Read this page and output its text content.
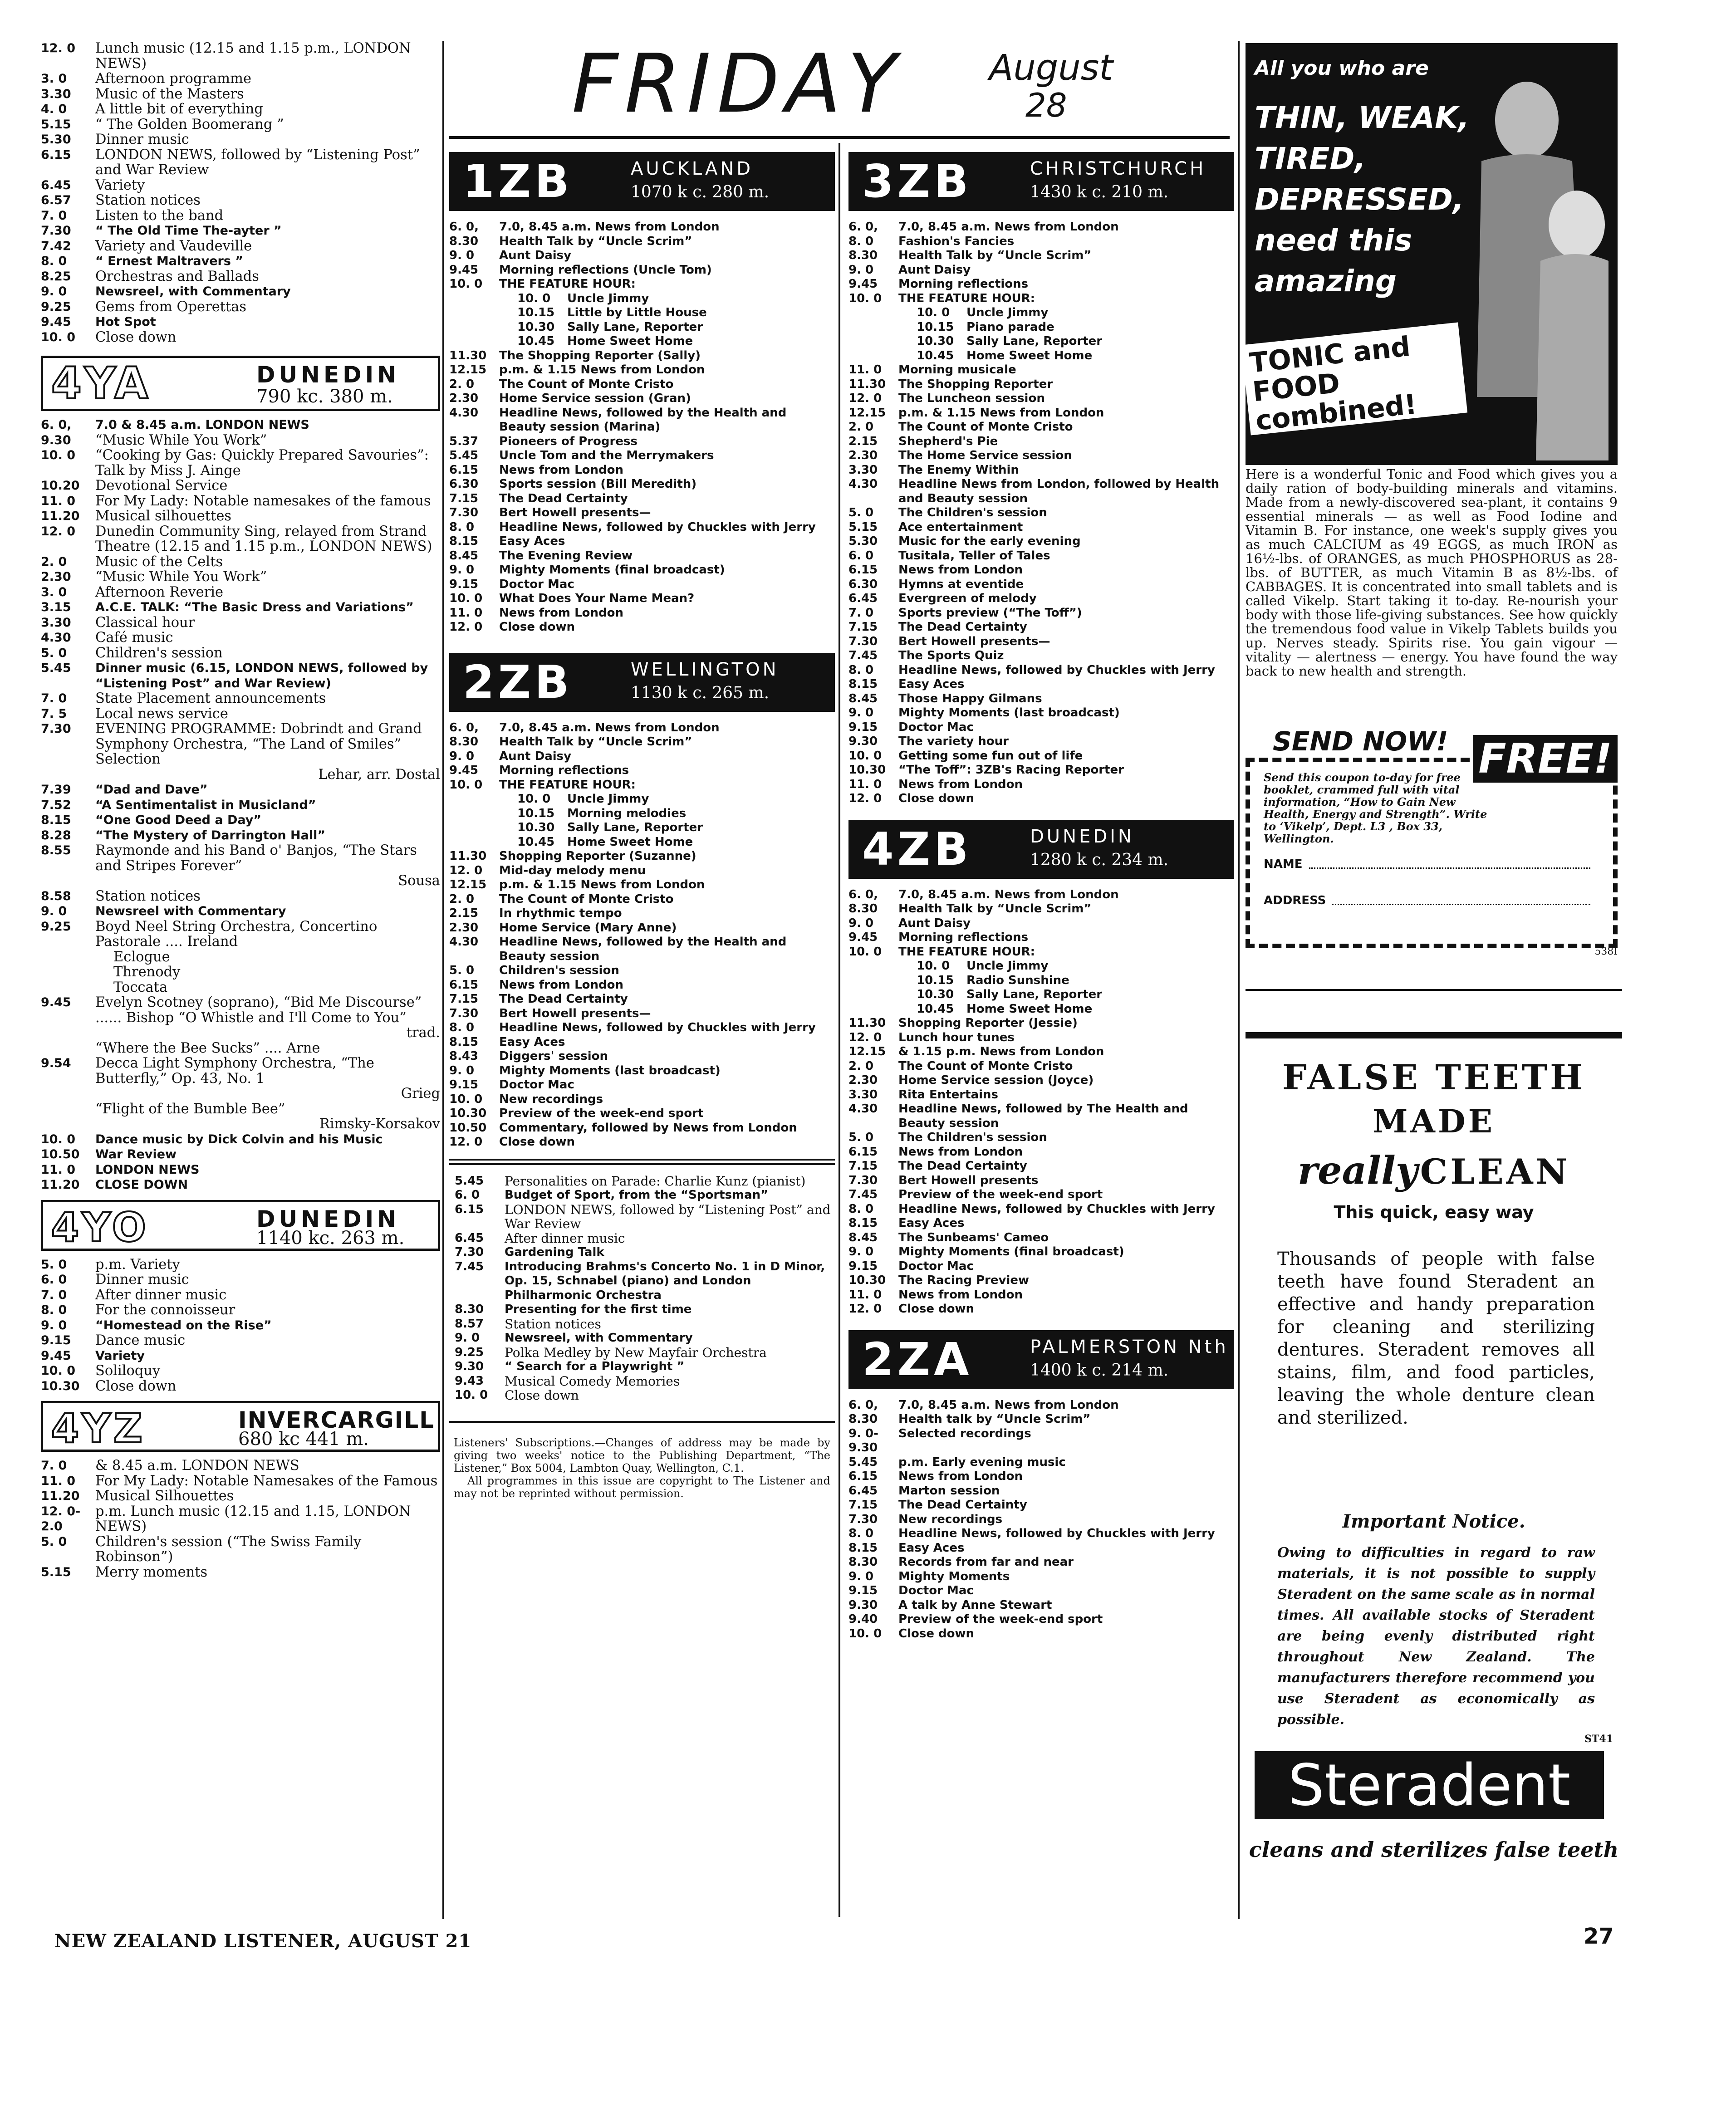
12. 0	Lunch music (12.15 and 1.15 p.m., LONDON NEWS)
3. 0	Afternoon programme
3.30	Music of the Masters
4. 0	A little bit of everything
5.15	“ The Golden Boomerang ”
5.30	Dinner music
6.15	LONDON NEWS, followed by “Listening Post” and War Review
6.45	Variety
6.57	Station notices
7. 0	Listen to the band
7.30	“ The Old Time The-ayter ”
7.42	Variety and Vaudeville
8. 0	“ Ernest Maltravers ”
8.25	Orchestras and Ballads
9. 0	Newsreel, with Commentary
9.25	Gems from Operettas
9.45	Hot Spot
10. 0	Close down
4YA	DUNEDIN
790 kc. 380 m.
6. 0,	7.0 & 8.45 a.m. LONDON NEWS
9.30	“Music While You Work”
10. 0	“Cooking by Gas: Quickly Prepared Savouries”: Talk by Miss J. Ainge
10.20	Devotional Service
11. 0	For My Lady: Notable namesakes of the famous
11.20	Musical silhouettes
12. 0	Dunedin Community Sing, relayed from Strand Theatre (12.15 and 1.15 p.m., LONDON NEWS)
2. 0	Music of the Celts
2.30	“Music While You Work”
3. 0	Afternoon Reverie
3.15	A.C.E. TALK: “The Basic Dress and Variations”
3.30	Classical hour
4.30	Café music
5. 0	Children's session
5.45	Dinner music (6.15, LONDON NEWS, followed by “Listening Post” and War Review)
7. 0	State Placement announcements
7. 5	Local news service
7.30	EVENING PROGRAMME: Dobrindt and Grand Symphony Orchestra, “The Land of Smiles” Selection
Lehar, arr. Dostal
7.39	“Dad and Dave”
7.52	“A Sentimentalist in Musicland”
8.15	“One Good Deed a Day”
8.28	“The Mystery of Darrington Hall”
8.55	Raymonde and his Band o' Banjos, “The Stars and Stripes Forever”
Sousa
8.58	Station notices
9. 0	Newsreel with Commentary
9.25	Boyd Neel String Orchestra, Concertino Pastorale .... Ireland
Eclogue
Threnody
Toccata
9.45	Evelyn Scotney (soprano), “Bid Me Discourse” ...... Bishop “O Whistle and I'll Come to You”
trad.
“Where the Bee Sucks” .... Arne
9.54	Decca Light Symphony Orchestra, “The Butterfly,” Op. 43, No. 1
Grieg
“Flight of the Bumble Bee”
Rimsky-Korsakov
10. 0	Dance music by Dick Colvin and his Music
10.50	War Review
11. 0	LONDON NEWS
11.20	CLOSE DOWN
4YO	DUNEDIN
1140 kc. 263 m.
5. 0	p.m. Variety
6. 0	Dinner music
7. 0	After dinner music
8. 0	For the connoisseur
9. 0	“Homestead on the Rise”
9.15	Dance music
9.45	Variety
10. 0	Soliloquy
10.30	Close down
4YZ	INVERCARGILL
680 kc 441 m.
7. 0	& 8.45 a.m. LONDON NEWS
11. 0	For My Lady: Notable Namesakes of the Famous
11.20	Musical Silhouettes
12. 0-2.0
p.m. Lunch music (12.15 and 1.15, LONDON NEWS)
5. 0	Children's session (“The Swiss Family Robinson”)
5.15	Merry moments
FRIDAY August
28
1ZB	AUCKLAND
1070 k c. 280 m.
6. 0,	7.0, 8.45 a.m. News from London
8.30	Health Talk by “Uncle Scrim”
9. 0	Aunt Daisy
9.45	Morning reflections (Uncle Tom)
10. 0	THE FEATURE HOUR:
10. 0 Uncle Jimmy
10.15 Little by Little House
10.30 Sally Lane, Reporter
10.45 Home Sweet Home
11.30	The Shopping Reporter (Sally)
12.15	p.m. & 1.15 News from London
2. 0	The Count of Monte Cristo
2.30	Home Service session (Gran)
4.30	Headline News, followed by the Health and Beauty session (Marina)
5.37	Pioneers of Progress
5.45	Uncle Tom and the Merrymakers
6.15	News from London
6.30	Sports session (Bill Meredith)
7.15	The Dead Certainty
7.30	Bert Howell presents—
8. 0	Headline News, followed by Chuckles with Jerry
8.15	Easy Aces
8.45	The Evening Review
9. 0	Mighty Moments (final broadcast)
9.15	Doctor Mac
10. 0	What Does Your Name Mean?
11. 0	News from London
12. 0	Close down
2ZB	WELLINGTON
1130 k c. 265 m.
6. 0,	7.0, 8.45 a.m. News from London
8.30	Health Talk by “Uncle Scrim”
9. 0	Aunt Daisy
9.45	Morning reflections
10. 0	THE FEATURE HOUR:
10. 0 Uncle Jimmy
10.15 Morning melodies
10.30 Sally Lane, Reporter
10.45 Home Sweet Home
11.30	Shopping Reporter (Suzanne)
12. 0	Mid-day melody menu
12.15	p.m. & 1.15 News from London
2. 0	The Count of Monte Cristo
2.15	In rhythmic tempo
2.30	Home Service (Mary Anne)
4.30	Headline News, followed by the Health and Beauty session
5. 0	Children's session
6.15	News from London
7.15	The Dead Certainty
7.30	Bert Howell presents—
8. 0	Headline News, followed by Chuckles with Jerry
8.15	Easy Aces
8.43	Diggers' session
9. 0	Mighty Moments (last broadcast)
9.15	Doctor Mac
10. 0	New recordings
10.30	Preview of the week-end sport
10.50	Commentary, followed by News from London
12. 0	Close down
5.45	Personalities on Parade: Charlie Kunz (pianist)
6. 0	Budget of Sport, from the “Sportsman”
6.15	LONDON NEWS, followed by “Listening Post” and War Review
6.45	After dinner music
7.30	Gardening Talk
7.45	Introducing Brahms's Concerto No. 1 in D Minor, Op. 15, Schnabel (piano) and London Philharmonic Orchestra
8.30	Presenting for the first time
8.57	Station notices
9. 0	Newsreel, with Commentary
9.25	Polka Medley by New Mayfair Orchestra
9.30	“ Search for a Playwright ”
9.43	Musical Comedy Memories
10. 0	Close down
Listeners' Subscriptions.—Changes of address may be made by giving two weeks' notice to the Publishing Department, “The Listener,” Box 5004, Lambton Quay, Wellington, C.1.
All programmes in this issue are copyright to The Listener and may not be reprinted without permission.
3ZB	CHRISTCHURCH
1430 k c. 210 m.
6. 0,	7.0, 8.45 a.m. News from London
8. 0	Fashion's Fancies
8.30	Health Talk by “Uncle Scrim”
9. 0	Aunt Daisy
9.45	Morning reflections
10. 0	THE FEATURE HOUR:
10. 0 Uncle Jimmy
10.15 Piano parade
10.30 Sally Lane, Reporter
10.45 Home Sweet Home
11. 0	Morning musicale
11.30	The Shopping Reporter
12. 0	The Luncheon session
12.15	p.m. & 1.15 News from London
2. 0	The Count of Monte Cristo
2.15	Shepherd's Pie
2.30	The Home Service session
3.30	The Enemy Within
4.30	Headline News from London, followed by Health and Beauty session
5. 0	The Children's session
5.15	Ace entertainment
5.30	Music for the early evening
6. 0	Tusitala, Teller of Tales
6.15	News from London
6.30	Hymns at eventide
6.45	Evergreen of melody
7. 0	Sports preview (“The Toff”)
7.15	The Dead Certainty
7.30	Bert Howell presents—
7.45	The Sports Quiz
8. 0	Headline News, followed by Chuckles with Jerry
8.15	Easy Aces
8.45	Those Happy Gilmans
9. 0	Mighty Moments (last broadcast)
9.15	Doctor Mac
9.30	The variety hour
10. 0	Getting some fun out of life
10.30	“The Toff”: 3ZB's Racing Reporter
11. 0	News from London
12. 0	Close down
4ZB	DUNEDIN
1280 k c. 234 m.
6. 0,	7.0, 8.45 a.m. News from London
8.30	Health Talk by “Uncle Scrim”
9. 0	Aunt Daisy
9.45	Morning reflections
10. 0	THE FEATURE HOUR:
10. 0 Uncle Jimmy
10.15 Radio Sunshine
10.30 Sally Lane, Reporter
10.45 Home Sweet Home
11.30	Shopping Reporter (Jessie)
12. 0	Lunch hour tunes
12.15	& 1.15 p.m. News from London
2. 0	The Count of Monte Cristo
2.30	Home Service session (Joyce)
3.30	Rita Entertains
4.30	Headline News, followed by The Health and Beauty session
5. 0	The Children's session
6.15	News from London
7.15	The Dead Certainty
7.30	Bert Howell presents
7.45	Preview of the week-end sport
8. 0	Headline News, followed by Chuckles with Jerry
8.15	Easy Aces
8.45	The Sunbeams' Cameo
9. 0	Mighty Moments (final broadcast)
9.15	Doctor Mac
10.30	The Racing Preview
11. 0	News from London
12. 0	Close down
2ZA	PALMERSTON Nth
1400 k c. 214 m.
6. 0,	7.0, 8.45 a.m. News from London
8.30	Health talk by “Uncle Scrim”
9. 0-9.30
Selected recordings
5.45	p.m. Early evening music
6.15	News from London
6.45	Marton session
7.15	The Dead Certainty
7.30	New recordings
8. 0	Headline News, followed by Chuckles with Jerry
8.15	Easy Aces
8.30	Records from far and near
9. 0	Mighty Moments
9.15	Doctor Mac
9.30	A talk by Anne Stewart
9.40	Preview of the week-end sport
10. 0	Close down
All you who are
THIN, WEAK, TIRED, DEPRESSED, need this amazing
TONIC and FOOD combined!
Here is a wonderful Tonic and Food which gives you a daily ration of body-building minerals and vitamins. Made from a newly-discovered sea-plant, it contains 9 essential minerals — as well as Food Iodine and Vitamin B. For instance, one week's supply gives you as much CALCIUM as 49 EGGS, as much IRON as 16½-lbs. of ORANGES, as much PHOSPHORUS as 28-lbs. of BUTTER, as much Vitamin B as 8½-lbs. of CABBAGES. It is concentrated into small tablets and is called Vikelp. Start taking it to-day. Re-nourish your body with those life-giving substances. See how quickly the tremendous food value in Vikelp Tablets builds you up. Nerves steady. Spirits rise. You gain vigour — vitality — alertness — energy. You have found the way back to new health and strength.
SEND NOW! FREE!
Send this coupon to-day for free booklet, crammed full with vital information, “How to Gain New Health, Energy and Strength”. Write to ‘Vikelp’, Dept. L3 , Box 33, Wellington.
NAME
ADDRESS
538I
FALSE TEETH
MADE
really CLEAN
This quick, easy way
Thousands of people with false teeth have found Steradent an effective and handy preparation for cleaning and sterilizing dentures. Steradent removes all stains, film, and food particles, leaving the whole denture clean and sterilized.
Important Notice.
Owing to difficulties in regard to raw materials, it is not possible to supply Steradent on the same scale as in normal times. All available stocks of Steradent are being evenly distributed right throughout New Zealand. The manufacturers therefore recommend you use Steradent as economically as possible.
ST41
Steradent
cleans and sterilizes false teeth
NEW ZEALAND LISTENER, AUGUST 21	27
